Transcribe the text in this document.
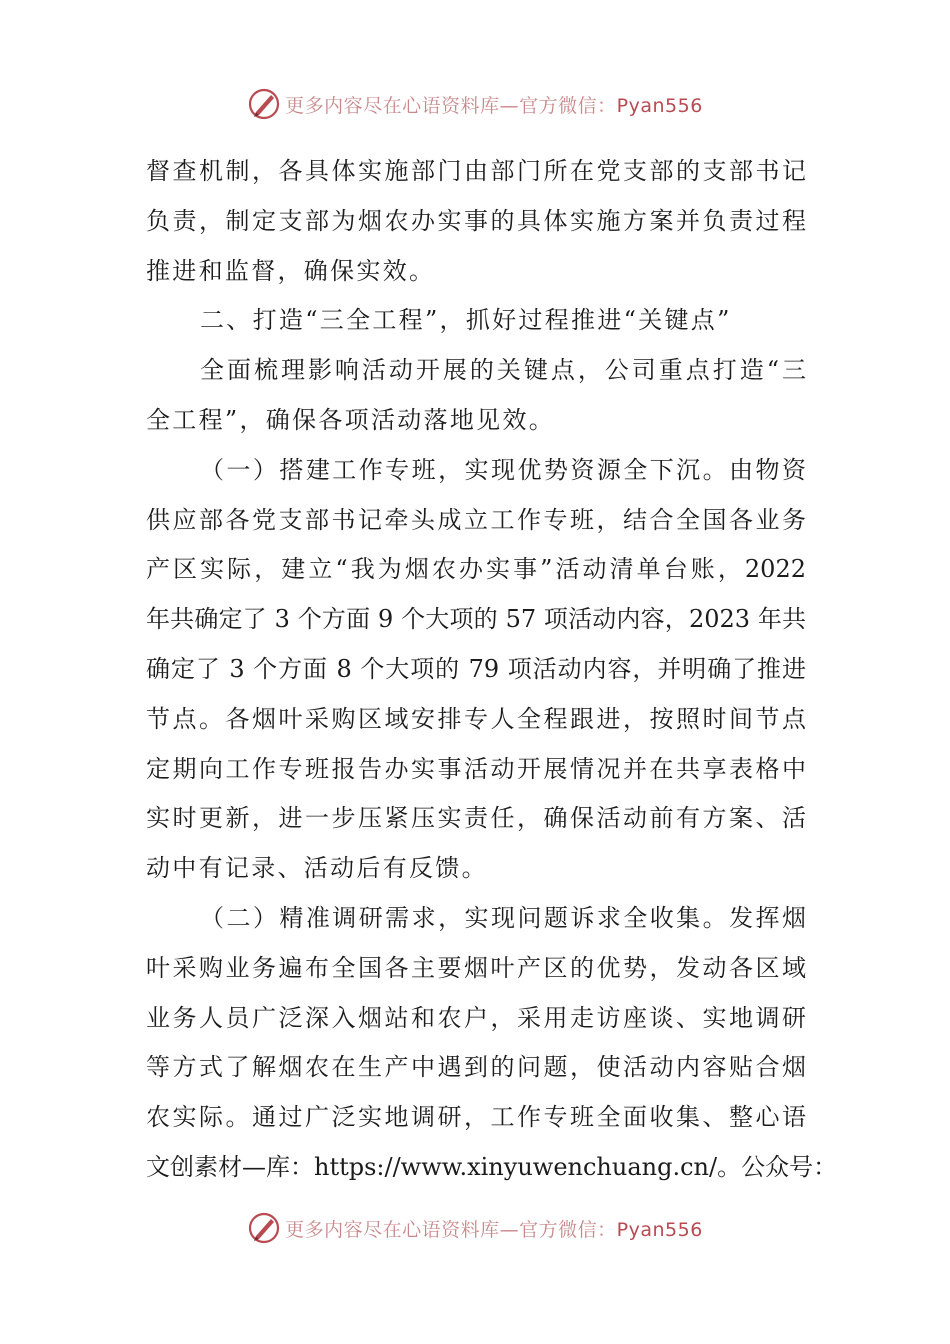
更多内容尽在心语资料库—官方微信：Pyan556
督查机制，各具体实施部门由部门所在党支部的支部书记
负责，制定支部为烟农办实事的具体实施方案并负责过程
推进和监督，确保实效。
二、打造“三全工程”，抓好过程推进“关键点”
全面梳理影响活动开展的关键点，公司重点打造“三
全工程”，确保各项活动落地见效。
（一）搭建工作专班，实现优势资源全下沉。由物资
供应部各党支部书记牵头成立工作专班，结合全国各业务
产区实际，建立“我为烟农办实事”活动清单台账，2022
年共确定了 3 个方面 9 个大项的 57 项活动内容，2023 年共
确定了 3 个方面 8 个大项的 79 项活动内容，并明确了推进
节点。各烟叶采购区域安排专人全程跟进，按照时间节点
定期向工作专班报告办实事活动开展情况并在共享表格中
实时更新，进一步压紧压实责任，确保活动前有方案、活
动中有记录、活动后有反馈。
（二）精准调研需求，实现问题诉求全收集。发挥烟
叶采购业务遍布全国各主要烟叶产区的优势，发动各区域
业务人员广泛深入烟站和农户，采用走访座谈、实地调研
等方式了解烟农在生产中遇到的问题，使活动内容贴合烟
农实际。通过广泛实地调研，工作专班全面收集、整心语
文创素材—库：https://www.xinyuwenchuang.cn/。公众号：
更多内容尽在心语资料库—官方微信：Pyan556
